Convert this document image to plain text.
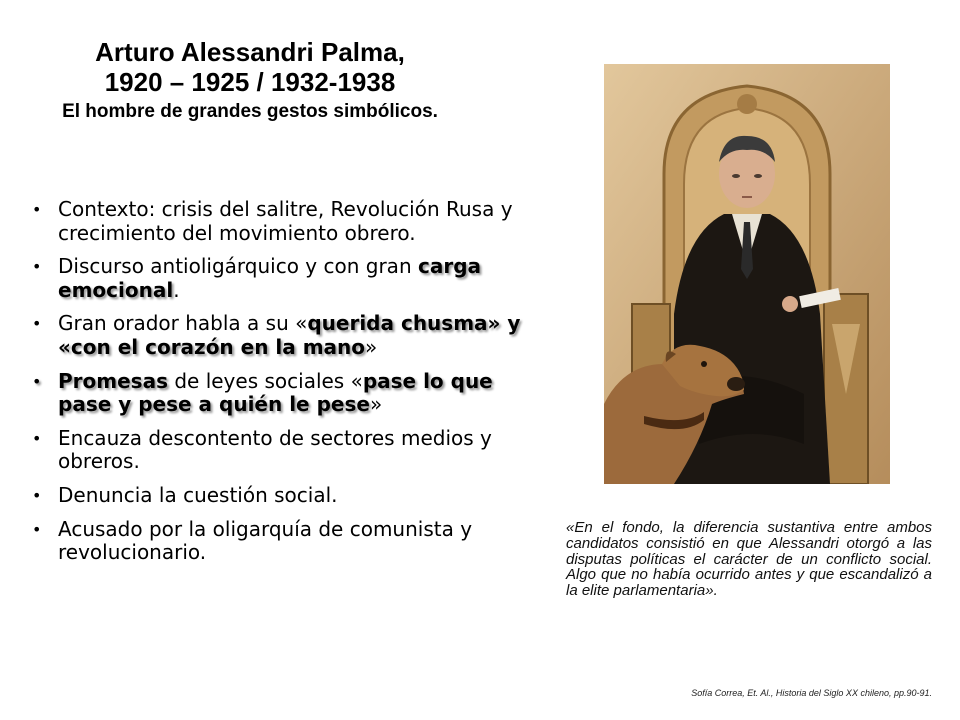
Arturo Alessandri Palma,
1920 – 1925 / 1932-1938
El hombre de grandes gestos simbólicos.
• Contexto: crisis del salitre, Revolución Rusa y crecimiento del movimiento obrero.
• Discurso antioligárquico y con gran carga emocional.
• Gran orador habla a su «querida chusma» y «con el corazón en la mano»
• Promesas de leyes sociales «pase lo que pase y pese a quién le pese»
• Encauza descontento de sectores medios y obreros.
• Denuncia la cuestión social.
• Acusado por la oligarquía de comunista y revolucionario.
«En el fondo, la diferencia sustantiva entre ambos candidatos consistió en que Alessandri otorgó a las disputas políticas el carácter de un conflicto social. Algo que no había ocurrido antes y que escandalizó a la elite parlamentaria».
Sofía Correa, Et. Al., Historia del Siglo XX chileno, pp.90-91.
